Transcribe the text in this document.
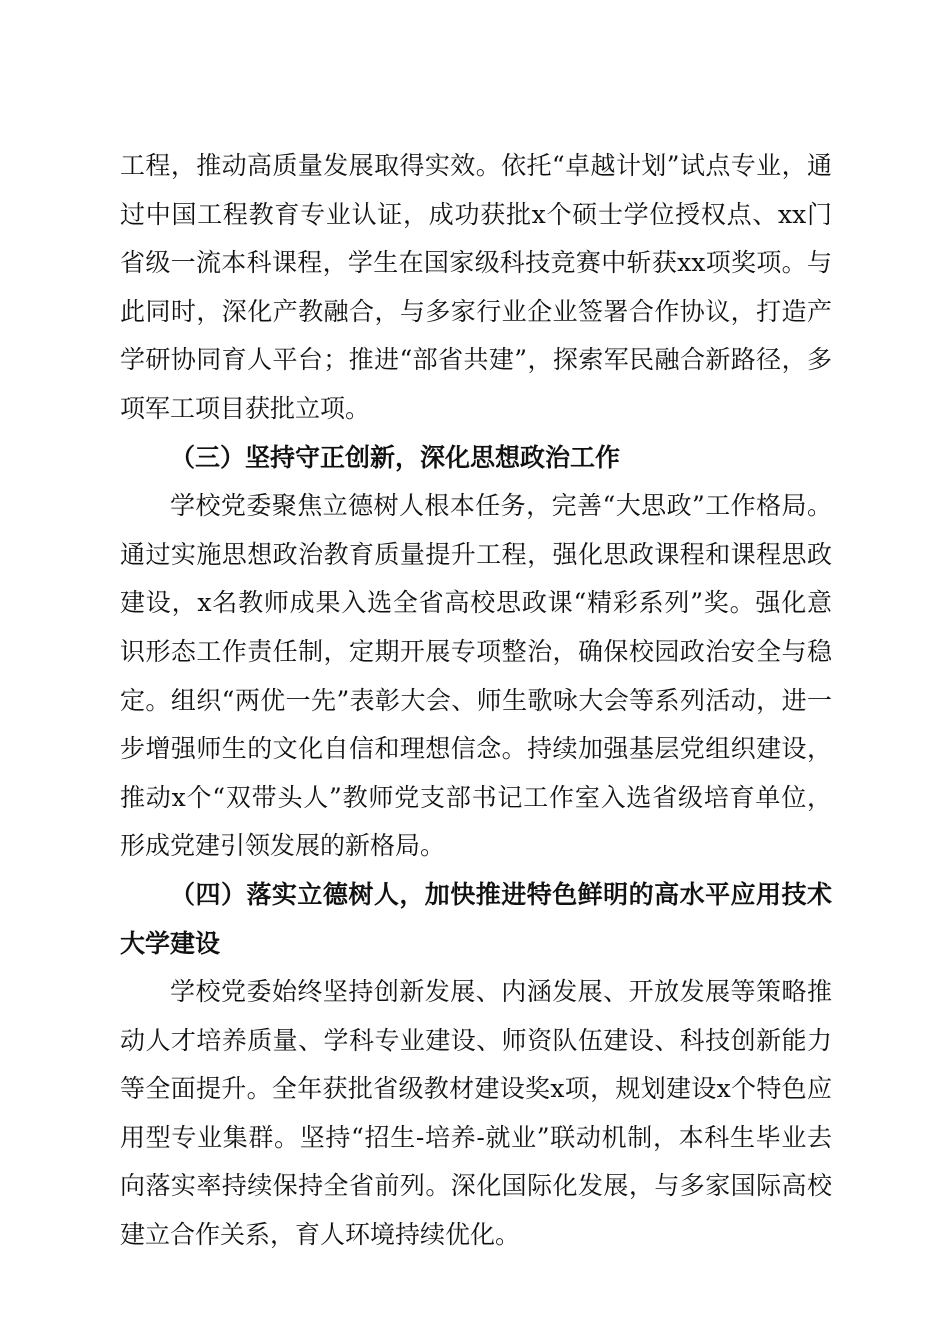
工程，推动高质量发展取得实效。依托“卓越计划”试点专业，通过中国工程教育专业认证，成功获批x个硕士学位授权点、xx门省级一流本科课程，学生在国家级科技竞赛中斩获xx项奖项。与此同时，深化产教融合，与多家行业企业签署合作协议，打造产学研协同育人平台；推进“部省共建”，探索军民融合新路径，多项军工项目获批立项。

（三）坚持守正创新，深化思想政治工作

学校党委聚焦立德树人根本任务，完善“大思政”工作格局。通过实施思想政治教育质量提升工程，强化思政课程和课程思政建设，x名教师成果入选全省高校思政课“精彩系列”奖。强化意识形态工作责任制，定期开展专项整治，确保校园政治安全与稳定。组织“两优一先”表彰大会、师生歌咏大会等系列活动，进一步增强师生的文化自信和理想信念。持续加强基层党组织建设，推动x个“双带头人”教师党支部书记工作室入选省级培育单位，形成党建引领发展的新格局。

（四）落实立德树人，加快推进特色鲜明的高水平应用技术大学建设

学校党委始终坚持创新发展、内涵发展、开放发展等策略推动人才培养质量、学科专业建设、师资队伍建设、科技创新能力等全面提升。全年获批省级教材建设奖x项，规划建设x个特色应用型专业集群。坚持“招生-培养-就业”联动机制，本科生毕业去向落实率持续保持全省前列。深化国际化发展，与多家国际高校建立合作关系，育人环境持续优化。
